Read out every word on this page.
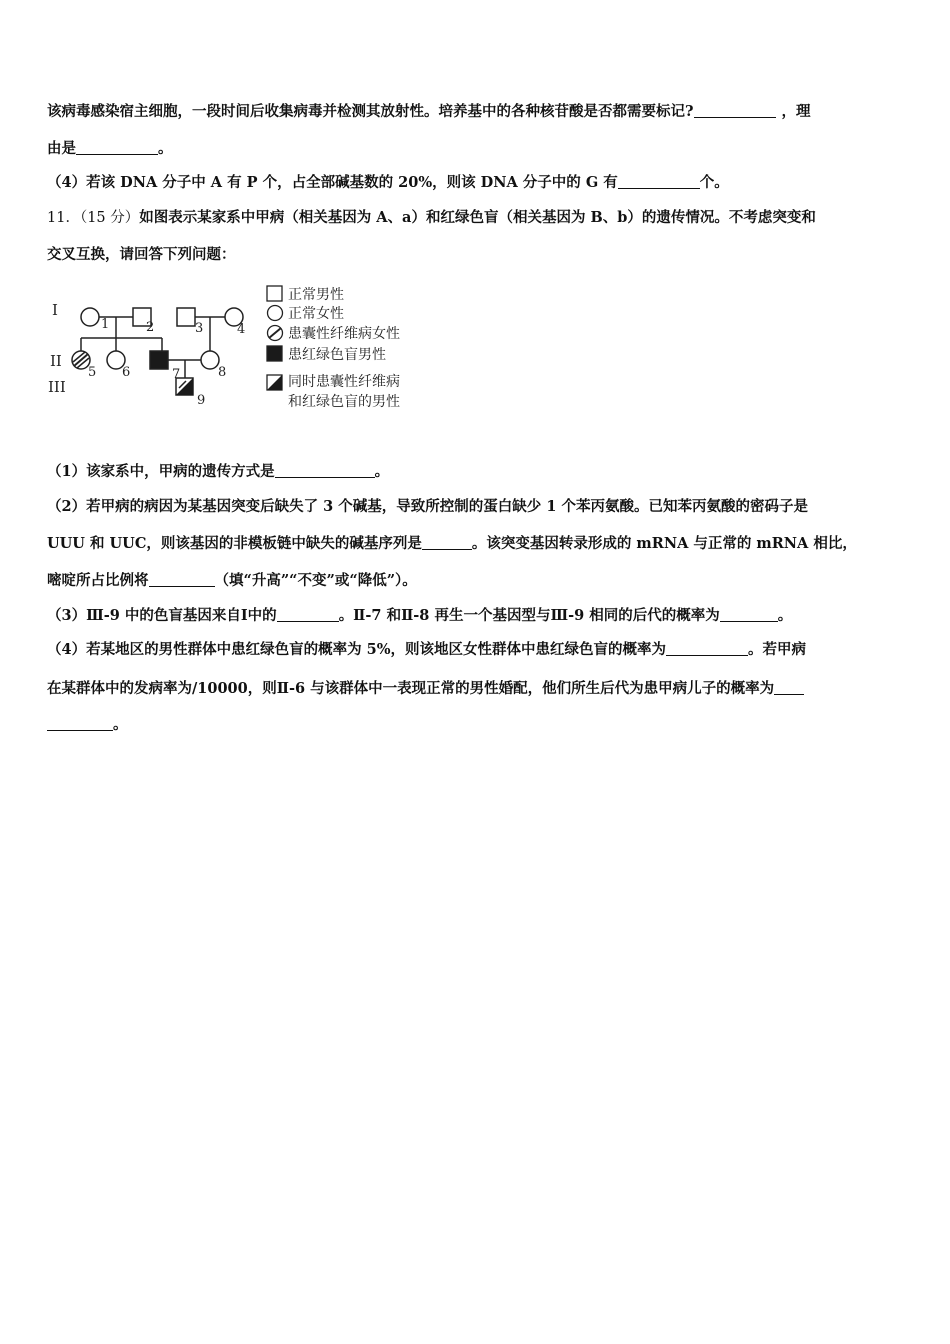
该病毒感染宿主细胞，一段时间后收集病毒并检测其放射性。培养基中的各种核苷酸是否都需要标记?	，理
由是	。
（4）若该 DNA 分子中 A 有 P 个，占全部碱基数的 20%，则该 DNA 分子中的 G 有	个。
11．（15 分）如图表示某家系中甲病（相关基因为 A、a）和红绿色盲（相关基因为 B、b）的遗传情况。不考虑突变和
交叉互换，请回答下列问题：
I
II
III
1	2	3	4
5 6	7	8
9
正常男性
正常女性
患囊性纤维病女性
患红绿色盲男性
同时患囊性纤维病
和红绿色盲的男性
（1）该家系中，甲病的遗传方式是	。
（2）若甲病的病因为某基因突变后缺失了 3 个碱基，导致所控制的蛋白缺少 1 个苯丙氨酸。已知苯丙氨酸的密码子是
UUU 和 UUC，则该基因的非模板链中缺失的碱基序列是	。该突变基因转录形成的 mRNA 与正常的 mRNA 相比，
嘧啶所占比例将	（填“升高”“不变”或“降低”）。
（3）Ⅲ-9 中的色盲基因来自Ⅰ中的	。Ⅱ-7 和Ⅱ-8 再生一个基因型与Ⅲ-9 相同的后代的概率为	。
（4）若某地区的男性群体中患红绿色盲的概率为 5%，则该地区女性群体中患红绿色盲的概率为	。若甲病
在某群体中的发病率为/10000，则Ⅱ-6 与该群体中一表现正常的男性婚配，他们所生后代为患甲病儿子的概率为
。
